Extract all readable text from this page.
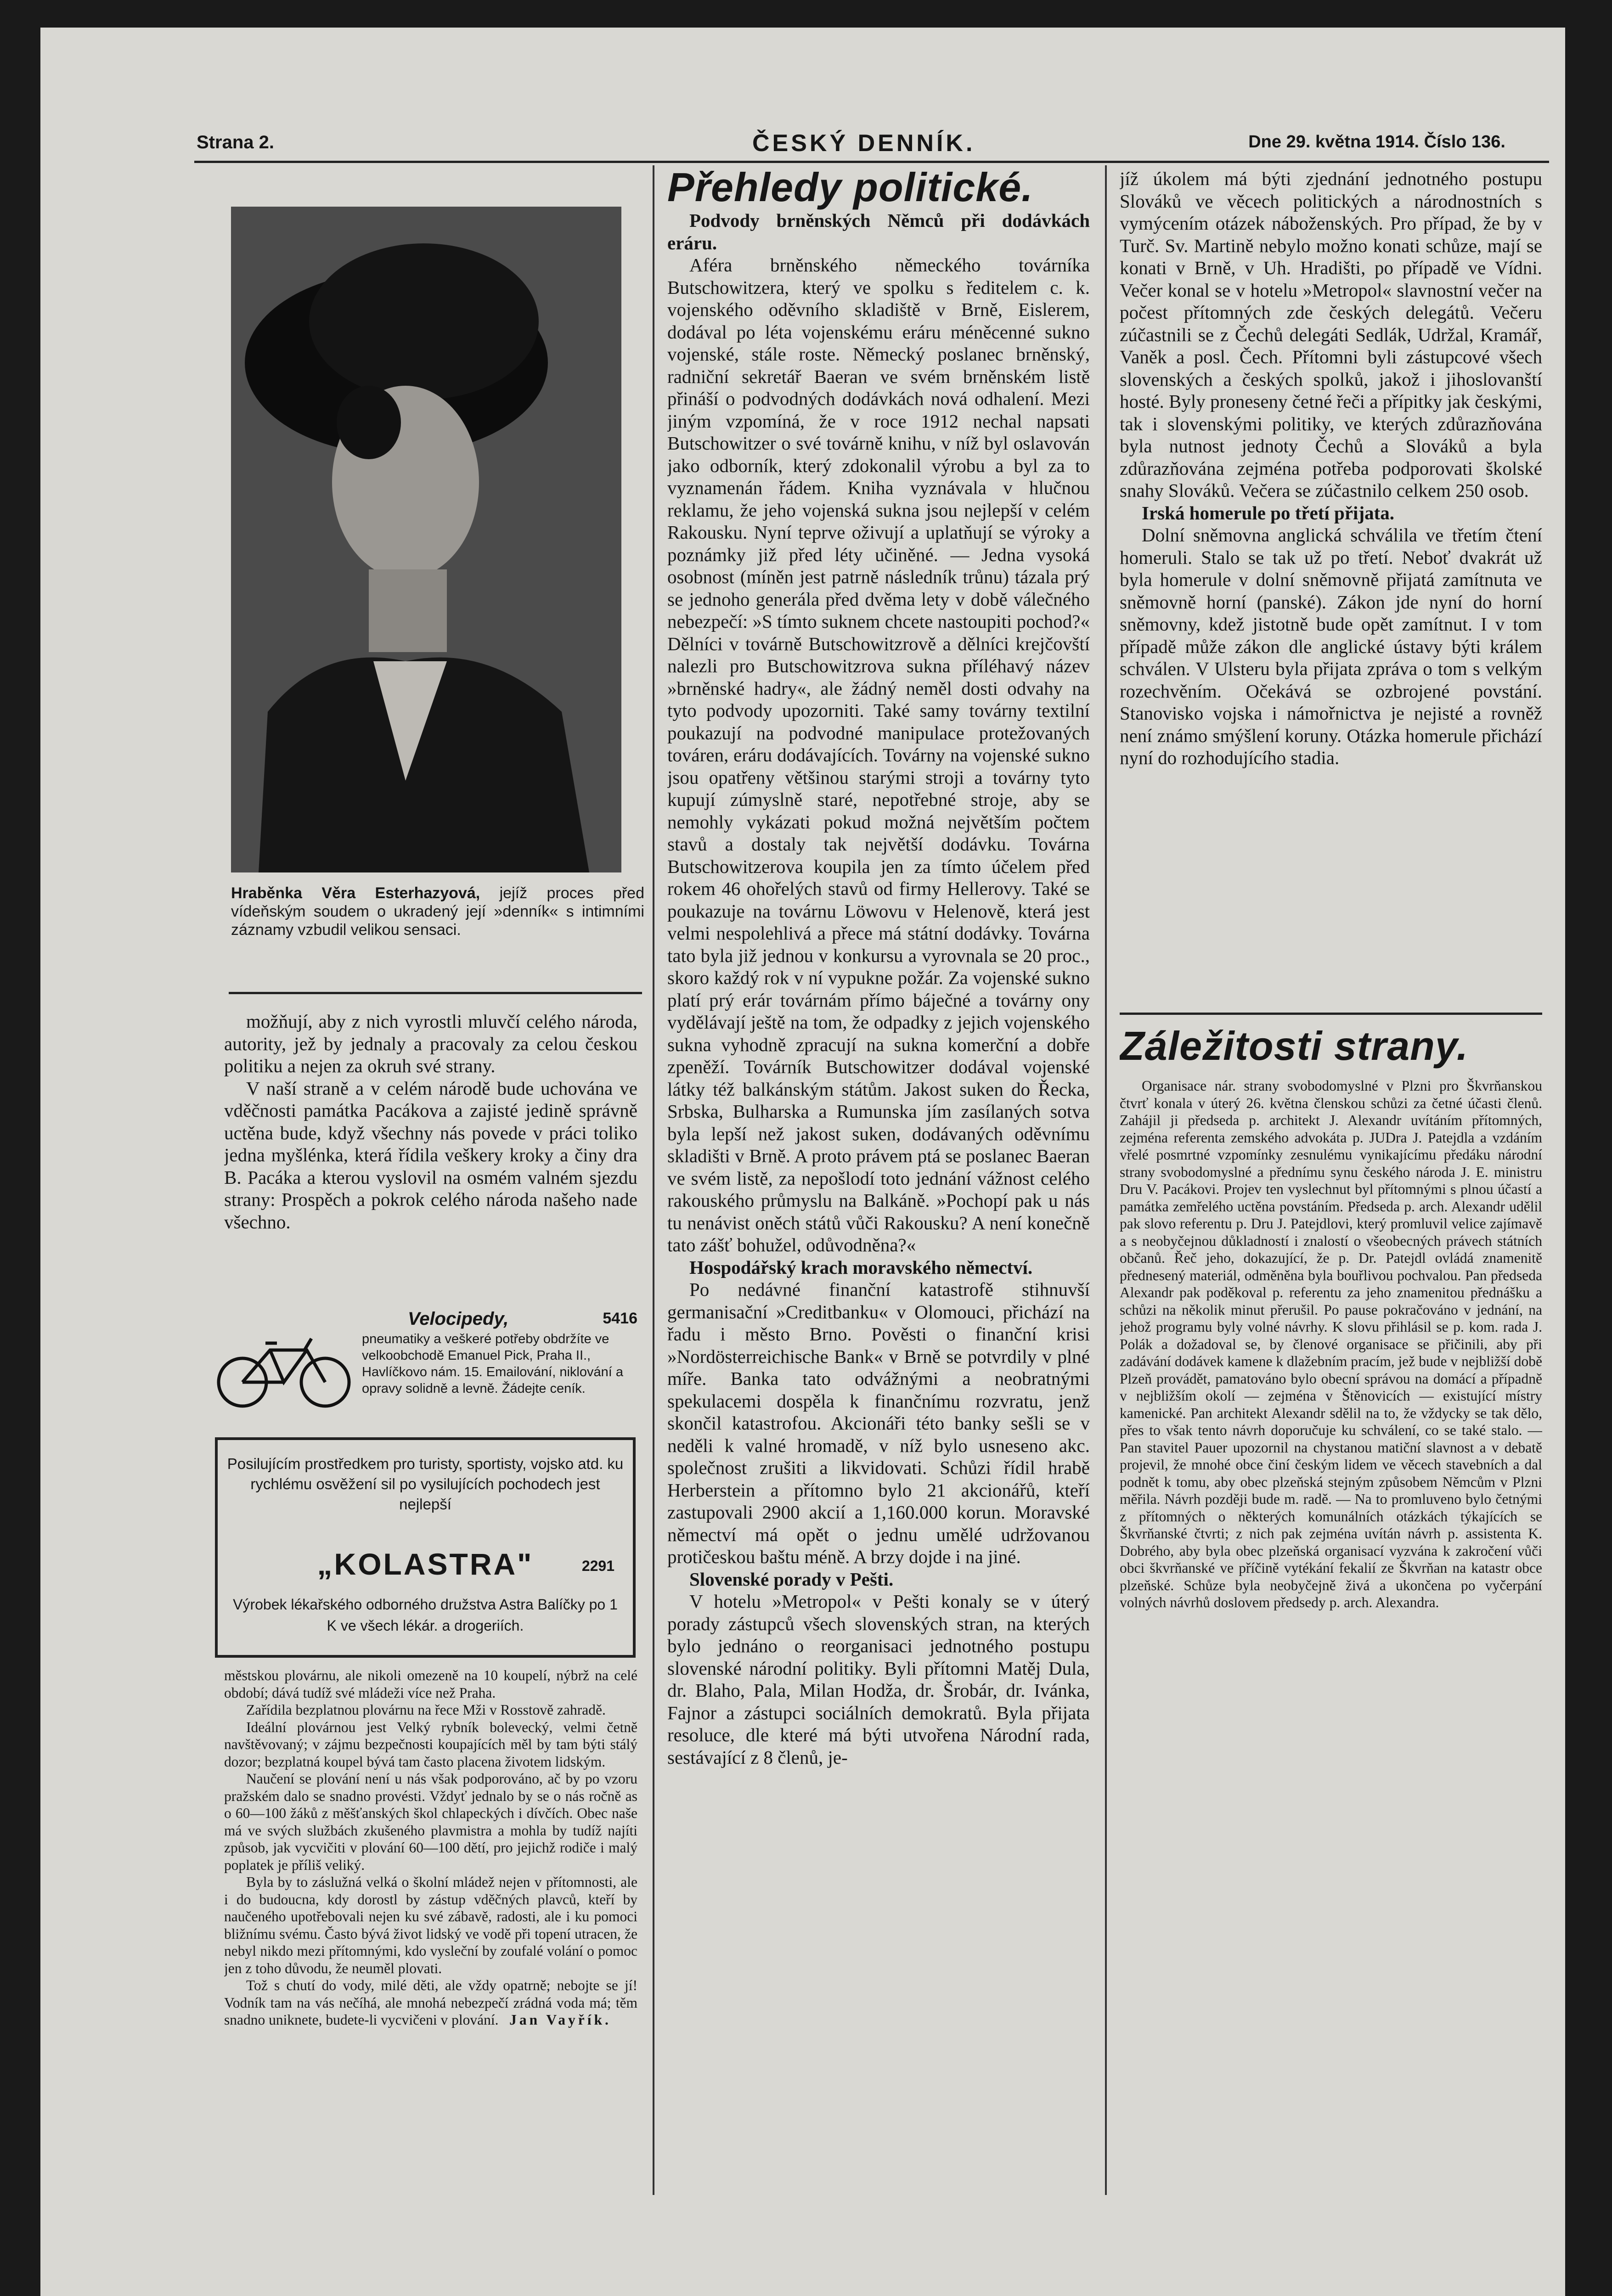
Strana 2.	ČESKÝ DENNÍK.	Dne 29. května 1914. Číslo 136.
Hraběnka Věra Esterhazyová, jejíž proces před vídeňským soudem o ukradený její »denník« s intimními záznamy vzbudil velikou sensaci.

možňují, aby z nich vyrostli mluvčí celého národa, autority, jež by jednaly a pracovaly za celou českou politiku a nejen za okruh své strany.

V naší straně a v celém národě bude uchována ve vděčnosti památka Pacákova a zajisté jedině správně uctěna bude, když všechny nás povede v práci toliko jedna myšlénka, která řídila veškery kroky a činy dra B. Pacáka a kterou vyslovil na osmém valném sjezdu strany: Prospěch a pokrok celého národa našeho nade všechno.

Velocipedy,	5416
pneumatiky a veškeré potřeby obdržíte ve velkoobchodě Emanuel Pick, Praha II., Havlíčkovo nám. 15. Emailování, niklování a opravy solidně a levně. Žádejte ceník.
Posilujícím prostředkem pro turisty, sportisty, vojsko atd. ku rychlému osvěžení sil po vysilujících pochodech jest nejlepší
„KOLASTRA"	2291
Výrobek lékařského odborného družstva Astra Balíčky po 1 K ve všech lékár. a drogeriích.

městskou plovárnu, ale nikoli omezeně na 10 koupelí, nýbrž na celé období; dává tudíž své mládeži více než Praha.

Zařídila bezplatnou plovárnu na řece Mži v Rosstově zahradě.

Ideální plovárnou jest Velký rybník bolevecký, velmi četně navštěvovaný; v zájmu bezpečnosti koupajících měl by tam býti stálý dozor; bezplatná koupel bývá tam často placena životem lidským.

Naučení se plování není u nás však podporováno, ač by po vzoru pražském dalo se snadno provésti. Vždyť jednalo by se o nás ročně as o 60—100 žáků z měšťanských škol chlapeckých i dívčích. Obec naše má ve svých službách zkušeného plavmistra a mohla by tudíž najíti způsob, jak vycvičiti v plování 60—100 dětí, pro jejichž rodiče i malý poplatek je příliš veliký.

Byla by to záslužná velká o školní mládež nejen v přítomnosti, ale i do budoucna, kdy dorostl by zástup vděčných plavců, kteří by naučeného upotřebovali nejen ku své zábavě, radosti, ale i ku pomoci bližnímu svému. Často bývá život lidský ve vodě při topení utracen, že nebyl nikdo mezi přítomnými, kdo vysleční by zoufalé volání o pomoc jen z toho důvodu, že neuměl plovati.

Tož s chutí do vody, milé děti, ale vždy opatrně; nebojte se jí! Vodník tam na vás nečíhá, ale mnohá nebezpečí zrádná voda má; těm snadno uniknete, budete-li vycvičeni v plování. Jan Vayřík.

Přehledy politické.

Podvody brněnských Němců při dodávkách eráru.

Aféra brněnského německého továrníka Butschowitzera, který ve spolku s ředitelem c. k. vojenského oděvního skladiště v Brně, Eislerem, dodával po léta vojenskému eráru méněcenné sukno vojenské, stále roste. Německý poslanec brněnský, radniční sekretář Baeran ve svém brněnském listě přináší o podvodných dodávkách nová odhalení. Mezi jiným vzpomíná, že v roce 1912 nechal napsati Butschowitzer o své továrně knihu, v níž byl oslavován jako odborník, který zdokonalil výrobu a byl za to vyznamenán řádem. Kniha vyznávala v hlučnou reklamu, že jeho vojenská sukna jsou nejlepší v celém Rakousku. Nyní teprve oživují a uplatňují se výroky a poznámky již před léty učiněné. — Jedna vysoká osobnost (míněn jest patrně následník trůnu) tázala prý se jednoho generála před dvěma lety v době válečného nebezpečí: »S tímto suknem chcete nastoupiti pochod?« Dělníci v továrně Butschowitzrově a dělníci krejčovští nalezli pro Butschowitzrova sukna příléhavý název »brněnské hadry«, ale žádný neměl dosti odvahy na tyto podvody upozorniti. Také samy továrny textilní poukazují na podvodné manipulace protežovaných továren, eráru dodávajících. Továrny na vojenské sukno jsou opatřeny většinou starými stroji a továrny tyto kupují zúmyslně staré, nepotřebné stroje, aby se nemohly vykázati pokud možná největším počtem stavů a dostaly tak největší dodávku. Továrna Butschowitzerova koupila jen za tímto účelem před rokem 46 ohořelých stavů od firmy Hellerovy. Také se poukazuje na továrnu Löwovu v Helenově, která jest velmi nespolehlivá a přece má státní dodávky. Továrna tato byla již jednou v konkursu a vyrovnala se 20 proc., skoro každý rok v ní vypukne požár. Za vojenské sukno platí prý erár továrnám přímo báječné a továrny ony vydělávají ještě na tom, že odpadky z jejich vojenského sukna vyhodně zpracují na sukna komerční a dobře zpeněží. Továrník Butschowitzer dodával vojenské látky též balkánským státům. Jakost suken do Řecka, Srbska, Bulharska a Rumunska jím zasílaných sotva byla lepší než jakost suken, dodávaných oděvnímu skladišti v Brně. A proto právem ptá se poslanec Baeran ve svém listě, za nepošlodí toto jednání vážnost celého rakouského průmyslu na Balkáně. »Pochopí pak u nás tu nenávist oněch států vůči Rakousku? A není konečně tato zášť bohužel, odůvodněna?«

Hospodářský krach moravského němectví.

Po nedávné finanční katastrofě stihnuvší germanisační »Creditbanku« v Olomouci, přichází na řadu i město Brno. Pověsti o finanční krisi »Nordösterreichische Bank« v Brně se potvrdily v plné míře. Banka tato odvážnými a neobratnými spekulacemi dospěla k finančnímu rozvratu, jenž skončil katastrofou. Akcionáři této banky sešli se v neděli k valné hromadě, v níž bylo usneseno akc. společnost zrušiti a likvidovati. Schůzi řídil hrabě Herberstein a přítomno bylo 21 akcionářů, kteří zastupovali 2900 akcií a 1,160.000 korun. Moravské němectví má opět o jednu umělé udržovanou protičeskou baštu méně. A brzy dojde i na jiné.

Slovenské porady v Pešti.

V hotelu »Metropol« v Pešti konaly se v úterý porady zástupců všech slovenských stran, na kterých bylo jednáno o reorganisaci jednotného postupu slovenské národní politiky. Byli přítomni Matěj Dula, dr. Blaho, Pala, Milan Hodža, dr. Šrobár, dr. Ivánka, Fajnor a zástupci sociálních demokratů. Byla přijata resoluce, dle které má býti utvořena Národní rada, sestávající z 8 členů, je-

jíž úkolem má býti zjednání jednotného postupu Slováků ve věcech politických a národnostních s vymýcením otázek náboženských. Pro případ, že by v Turč. Sv. Martině nebylo možno konati schůze, mají se konati v Brně, v Uh. Hradišti, po případě ve Vídni. Večer konal se v hotelu »Metropol« slavnostní večer na počest přítomných zde českých delegátů. Večeru zúčastnili se z Čechů delegáti Sedlák, Udržal, Kramář, Vaněk a posl. Čech. Přítomni byli zástupcové všech slovenských a českých spolků, jakož i jihoslovanští hosté. Byly proneseny četné řeči a přípitky jak českými, tak i slovenskými politiky, ve kterých zdůrazňována byla nutnost jednoty Čechů a Slováků a byla zdůrazňována zejména potřeba podporovati školské snahy Slováků. Večera se zúčastnilo celkem 250 osob.

Irská homerule po třetí přijata.

Dolní sněmovna anglická schválila ve třetím čtení homeruli. Stalo se tak už po třetí. Neboť dvakrát už byla homerule v dolní sněmovně přijatá zamítnuta ve sněmovně horní (panské). Zákon jde nyní do horní sněmovny, kdež jistotně bude opět zamítnut. I v tom případě může zákon dle anglické ústavy býti králem schválen. V Ulsteru byla přijata zpráva o tom s velkým rozechvěním. Očekává se ozbrojené povstání. Stanovisko vojska i námořnictva je nejisté a rovněž není známo smýšlení koruny. Otázka homerule přichází nyní do rozhodujícího stadia.

Záležitosti strany.

Organisace nár. strany svobodomyslné v Plzni pro Škvrňanskou čtvrť konala v úterý 26. května členskou schůzi za četné účasti členů. Zahájil ji předseda p. architekt J. Alexandr uvítáním přítomných, zejména referenta zemského advokáta p. JUDra J. Patejdla a vzdáním vřelé posmrtné vzpomínky zesnulému vynikajícímu předáku národní strany svobodomyslné a přednímu synu českého národa J. E. ministru Dru V. Pacákovi. Projev ten vyslechnut byl přítomnými s plnou účastí a památka zemřelého uctěna povstáním. Předseda p. arch. Alexandr udělil pak slovo referentu p. Dru J. Patejdlovi, který promluvil velice zajímavě a s neobyčejnou důkladností i znalostí o všeobecných právech státních občanů. Řeč jeho, dokazující, že p. Dr. Patejdl ovládá znamenitě přednesený materiál, odměněna byla bouřlivou pochvalou. Pan předseda Alexandr pak poděkoval p. referentu za jeho znamenitou přednášku a schůzi na několik minut přerušil. Po pause pokračováno v jednání, na jehož programu byly volné návrhy. K slovu přihlásil se p. kom. rada J. Polák a dožadoval se, by členové organisace se přičinili, aby při zadávání dodávek kamene k dlažebním pracím, jež bude v nejbližší době Plzeň provádět, pamatováno bylo obecní správou na domácí a případně v nejbližším okolí — zejména v Štěnovicích — existující místry kamenické. Pan architekt Alexandr sdělil na to, že vždycky se tak dělo, přes to však tento návrh doporučuje ku schválení, co se také stalo. — Pan stavitel Pauer upozornil na chystanou matiční slavnost a v debatě projevil, že mnohé obce činí českým lidem ve věcech stavebních a dal podnět k tomu, aby obec plzeňská stejným způsobem Němcům v Plzni měřila. Návrh později bude m. radě. — Na to promluveno bylo četnými z přítomných o některých komunálních otázkách týkajících se Škvrňanské čtvrti; z nich pak zejména uvítán návrh p. assistenta K. Dobrého, aby byla obec plzeňská organisací vyzvána k zakročení vůči obci škvrňanské ve příčině vytékání fekalií ze Škvrňan na katastr obce plzeňské. Schůze byla neobyčejně živá a ukončena po vyčerpání volných návrhů doslovem předsedy p. arch. Alexandra.
